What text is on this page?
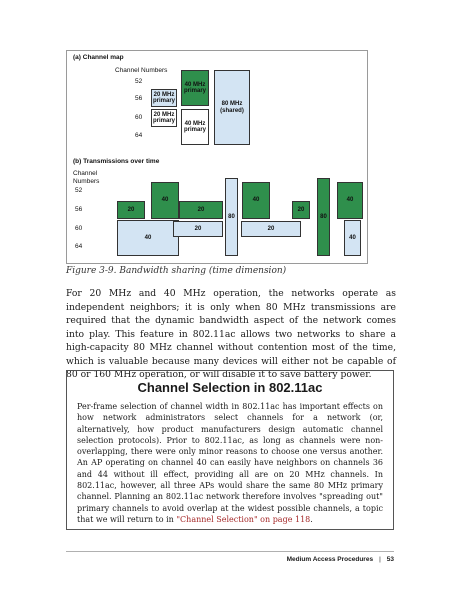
(a) Channel map
Channel Numbers
52
56
60
64
20 MHz primary
20 MHz primary
40 MHz primary
40 MHz primary
80 MHz (shared)
(b) Transmissions over time
Channel
Numbers
52
56
60
64
20
40
40
20
20
80
40
20
20
80
40
40
Figure 3-9. Bandwidth sharing (time dimension)

For 20 MHz and 40 MHz operation, the networks operate as independent neighbors; it is only when 80 MHz transmissions are required that the dynamic bandwidth aspect of the network comes into play. This feature in 802.11ac allows two networks to share a high-capacity 80 MHz channel without contention most of the time, which is valuable because many devices will either not be capable of 80 or 160 MHz operation, or will disable it to save battery power.

Channel Selection in 802.11ac

Per-frame selection of channel width in 802.11ac has important effects on how network administrators select channels for a network (or, alternatively, how product manufacturers design automatic channel selection protocols). Prior to 802.11ac, as long as channels were non-overlapping, there were only minor reasons to choose one versus another. An AP operating on channel 40 can easily have neighbors on channels 36 and 44 without ill effect, providing all are on 20 MHz channels. In 802.11ac, however, all three APs would share the same 80 MHz primary channel. Planning an 802.11ac network therefore involves "spreading out" primary channels to avoid overlap at the widest possible channels, a topic that we will return to in "Channel Selection" on page 118.

Medium Access Procedures | 53
